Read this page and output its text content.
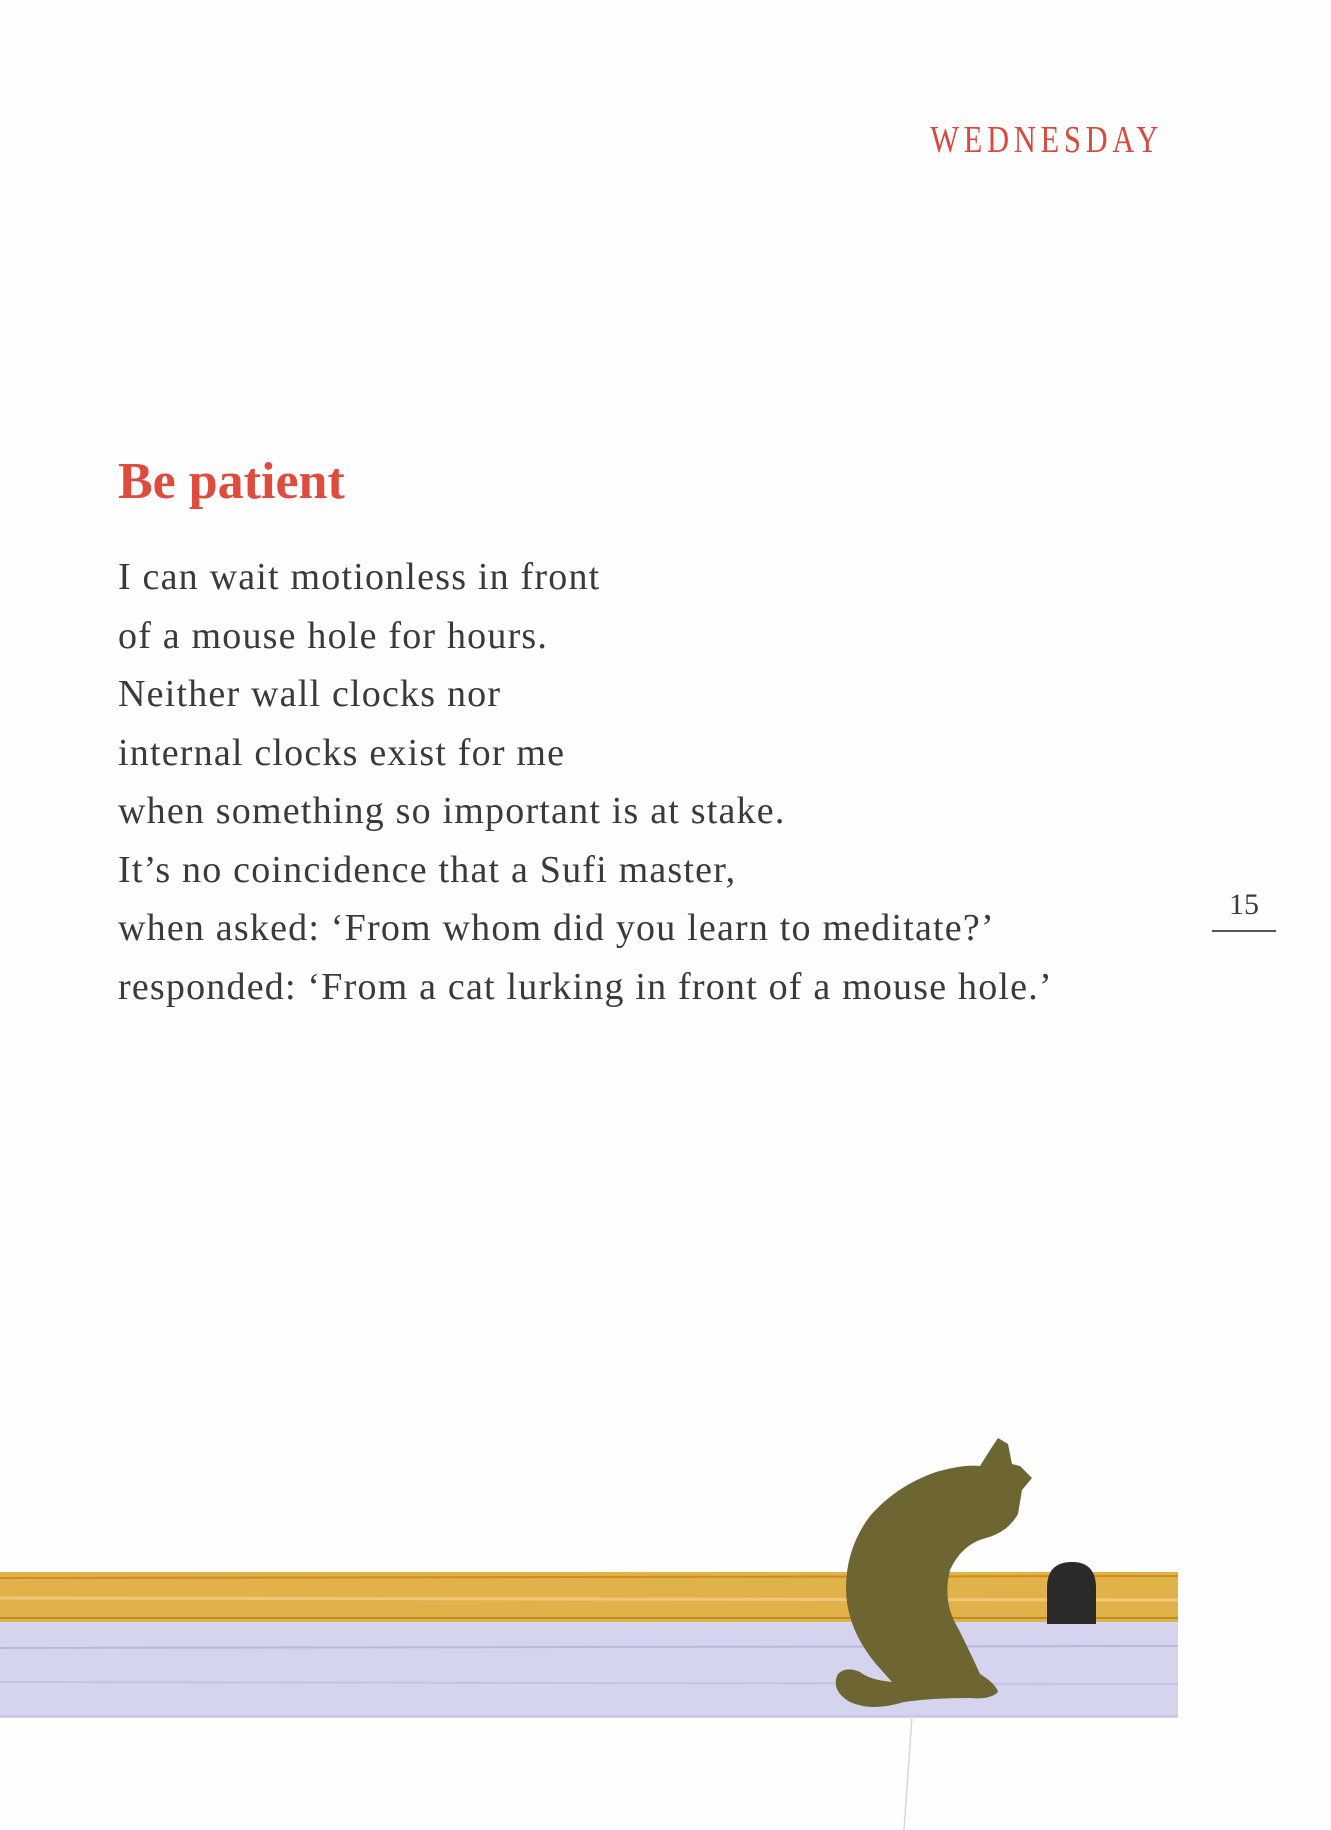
WEDNESDAY
Be patient
I can wait motionless in front
of a mouse hole for hours.
Neither wall clocks nor
internal clocks exist for me
when something so important is at stake.
It’s no coincidence that a Sufi master,
when asked: ‘From whom did you learn to meditate?’
responded: ‘From a cat lurking in front of a mouse hole.’
15
